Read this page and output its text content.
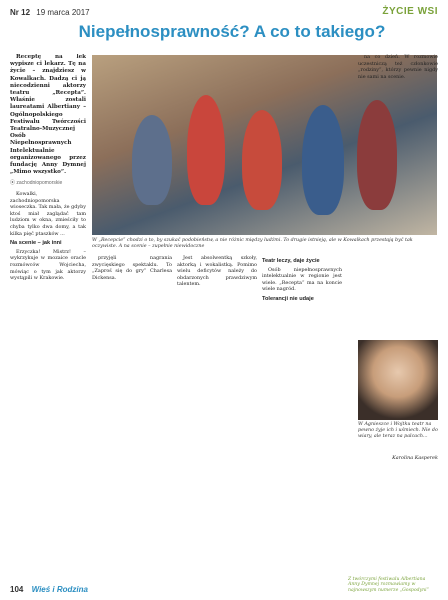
Nr 12 19 marca 2017	ŻYCIE WSI
Niepełnosprawność? A co to takiego?

Receptę na lek wypisze ci lekarz. Tę na życie – znajdziesz w Kowalkach. Dadzą ci ją niecodzienni aktorzy teatru „Recepta”. Właśnie zostali laureatami Albertiany – Ogólnopolskiego Festiwalu Twórczości Teatralno-Muzycznej Osób Niepełnosprawnych Intelektualnie organizowanego przez fundację Anny Dymnej „Mimo wszystko”.

⦿ zachodniopomorskie

Kowalki, zachodniopomorska wioseczka. Tak mała, że gdyby ktoś miał zaglądać tam ludziom w okna, zmieściły to chyba tylko dwa domy, a tak kilka pięć ptaszków ...

Na scenie – jak inni

Erzyczka! Mistrz! – wykrzykuje w mozaice oracle rozmówców Wojciecha, mówiąc o tym jak aktorzy wystąpili w Krakowie.

W „Recepcie” chodzi o to, by szukać podobieństw, a nie różnic między ludźmi. To drugie istnieją, ale w Kowalkach przestają być tak oczywiste. A na scenie – zupełnie niewidoczne

przyjęli nagrania zwycięskiego spektaklu. To „Zaproś się do gry” Charlesa Dickensa.

Jest absolwentką szkoły, aktorką i wokalistką. Pomimo wielu deficytów należy do obdarzonych prawdziwym talentem.

Teatr leczy, daje życie

Osób niepełnosprawnych intelektualnie w regionie jest wiele. „Recepta” ma na koncie wiele nagród.

Tolerancji nie udaje

na co dzień. W rozmowie uczestniczą też członkowie „rodziny”, którzy pewnie nigdy nie sami na scenie.

W Agnieszce i Wojtku teatr na pewno żyje ich i uśmiech. Nie do wiary, ale teraz na palcach...
Karolina Kasperek
104 Wieś i Rodzina
Z twórczymi festiwalu Albertiana Anny Dymnej rozmawiamy w najnowszym numerze „Gospodyni”
